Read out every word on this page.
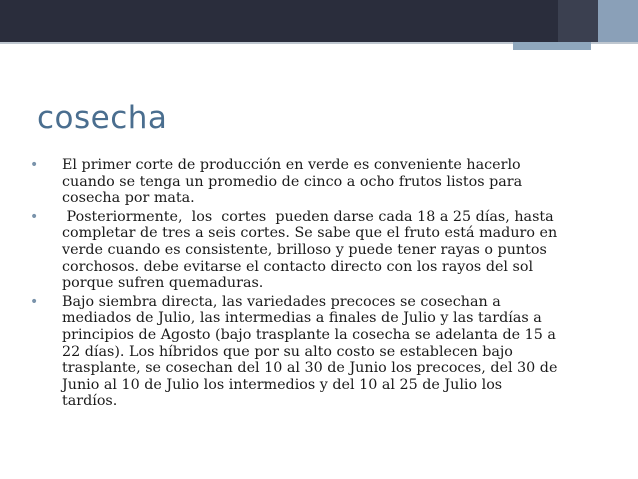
cosecha
• El primer corte de producción en verde es conveniente hacerlo
cuando se tenga un promedio de cinco a ocho frutos listos para
cosecha por mata.
• Posteriormente,  los  cortes  pueden darse cada 18 a 25 días, hasta
completar de tres a seis cortes. Se sabe que el fruto está maduro en
verde cuando es consistente, brilloso y puede tener rayas o puntos
corchosos. debe evitarse el contacto directo con los rayos del sol
porque sufren quemaduras.
• Bajo siembra directa, las variedades precoces se cosechan a
mediados de Julio, las intermedias a finales de Julio y las tardías a
principios de Agosto (bajo trasplante la cosecha se adelanta de 15 a
22 días). Los híbridos que por su alto costo se establecen bajo
trasplante, se cosechan del 10 al 30 de Junio los precoces, del 30 de
Junio al 10 de Julio los intermedios y del 10 al 25 de Julio los
tardíos.
